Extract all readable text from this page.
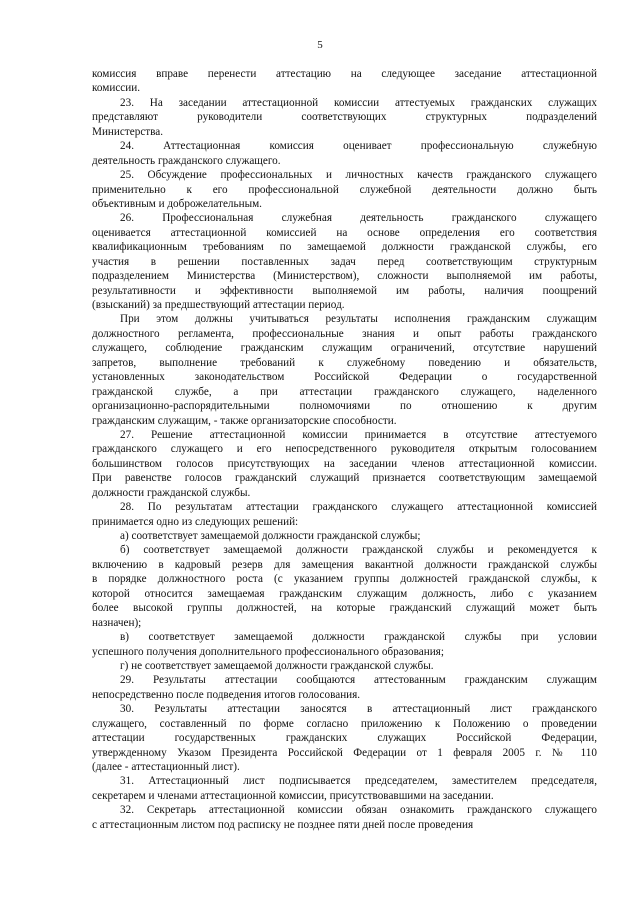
5
комиссия вправе перенести аттестацию на следующее заседание аттестационной
комиссии.
23. На заседании аттестационной комиссии аттестуемых гражданских служащих
представляют руководители соответствующих структурных подразделений
Министерства.
24. Аттестационная комиссия оценивает профессиональную служебную
деятельность гражданского служащего.
25. Обсуждение профессиональных и личностных качеств гражданского служащего
применительно к его профессиональной служебной деятельности должно быть
объективным и доброжелательным.
26. Профессиональная служебная деятельность гражданского служащего
оценивается аттестационной комиссией на основе определения его соответствия
квалификационным требованиям по замещаемой должности гражданской службы, его
участия в решении поставленных задач перед соответствующим структурным
подразделением Министерства (Министерством), сложности выполняемой им работы,
результативности и эффективности выполняемой им работы, наличия поощрений
(взысканий) за предшествующий аттестации период.
При этом должны учитываться результаты исполнения гражданским служащим
должностного регламента, профессиональные знания и опыт работы гражданского
служащего, соблюдение гражданским служащим ограничений, отсутствие нарушений
запретов, выполнение требований к служебному поведению и обязательств,
установленных законодательством Российской Федерации о государственной
гражданской службе, а при аттестации гражданского служащего, наделенного
организационно-распорядительными полномочиями по отношению к другим
гражданским служащим, - также организаторские способности.
27. Решение аттестационной комиссии принимается в отсутствие аттестуемого
гражданского служащего и его непосредственного руководителя открытым голосованием
большинством голосов присутствующих на заседании членов аттестационной комиссии.
При равенстве голосов гражданский служащий признается соответствующим замещаемой
должности гражданской службы.
28. По результатам аттестации гражданского служащего аттестационной комиссией
принимается одно из следующих решений:
а) соответствует замещаемой должности гражданской службы;
б) соответствует замещаемой должности гражданской службы и рекомендуется к
включению в кадровый резерв для замещения вакантной должности гражданской службы
в порядке должностного роста (с указанием группы должностей гражданской службы, к
которой относится замещаемая гражданским служащим должность, либо с указанием
более высокой группы должностей, на которые гражданский служащий может быть
назначен);
в) соответствует замещаемой должности гражданской службы при условии
успешного получения дополнительного профессионального образования;
г) не соответствует замещаемой должности гражданской службы.
29. Результаты аттестации сообщаются аттестованным гражданским служащим
непосредственно после подведения итогов голосования.
30. Результаты аттестации заносятся в аттестационный лист гражданского
служащего, составленный по форме согласно приложению к Положению о проведении
аттестации государственных гражданских служащих Российской Федерации,
утвержденному Указом Президента Российской Федерации от 1 февраля 2005 г. № 110
(далее - аттестационный лист).
31. Аттестационный лист подписывается председателем, заместителем председателя,
секретарем и членами аттестационной комиссии, присутствовавшими на заседании.
32. Секретарь аттестационной комиссии обязан ознакомить гражданского служащего
с аттестационным листом под расписку не позднее пяти дней после проведения
